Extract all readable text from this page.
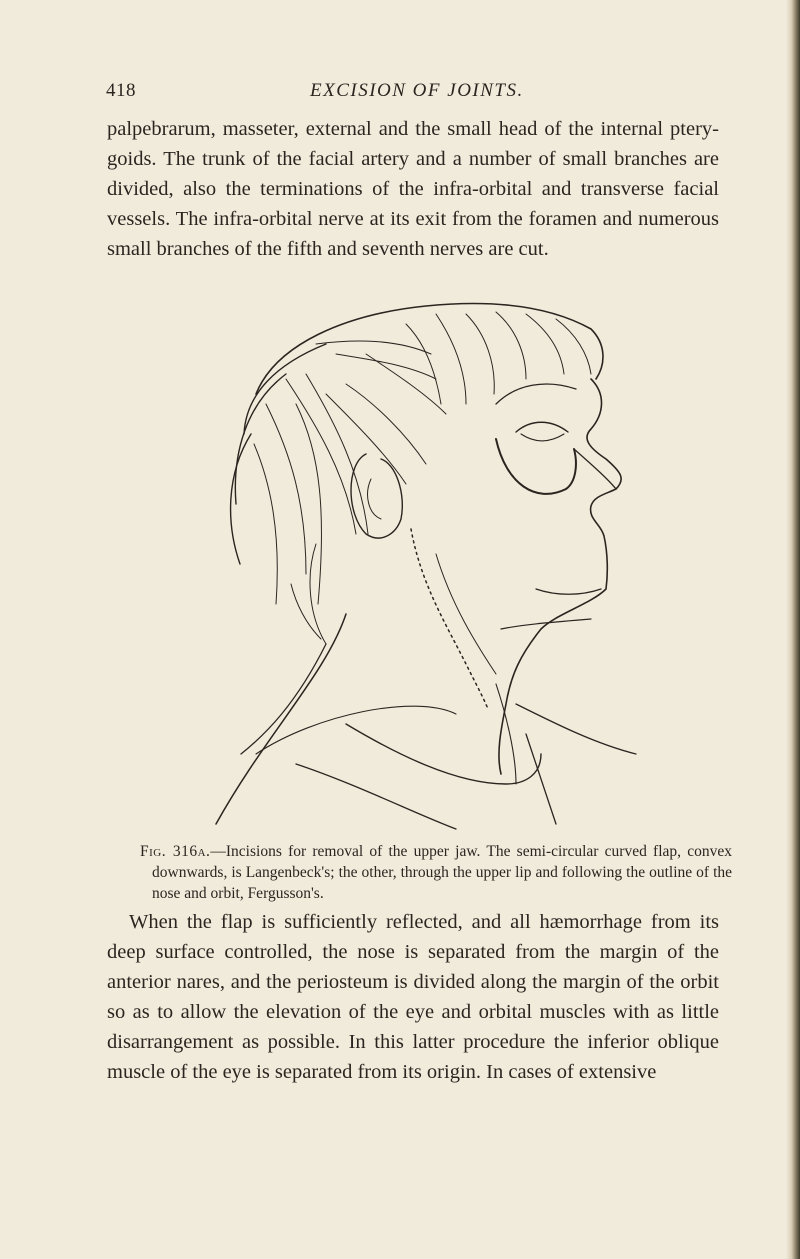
418	EXCISION OF JOINTS.

palpebrarum, masseter, external and the small head of the internal ptery-goids. The trunk of the facial artery and a number of small branches are divided, also the terminations of the infra-orbital and transverse facial vessels. The infra-orbital nerve at its exit from the foramen and numerous small branches of the fifth and seventh nerves are cut.

Fig. 316a.—Incisions for removal of the upper jaw. The semi-circular curved flap, convex downwards, is Langenbeck's; the other, through the upper lip and following the outline of the nose and orbit, Fergusson's.

When the flap is sufficiently reflected, and all hæmorrhage from its deep surface controlled, the nose is separated from the margin of the anterior nares, and the periosteum is divided along the margin of the orbit so as to allow the elevation of the eye and orbital muscles with as little disarrangement as possible. In this latter procedure the inferior oblique muscle of the eye is separated from its origin. In cases of extensive
